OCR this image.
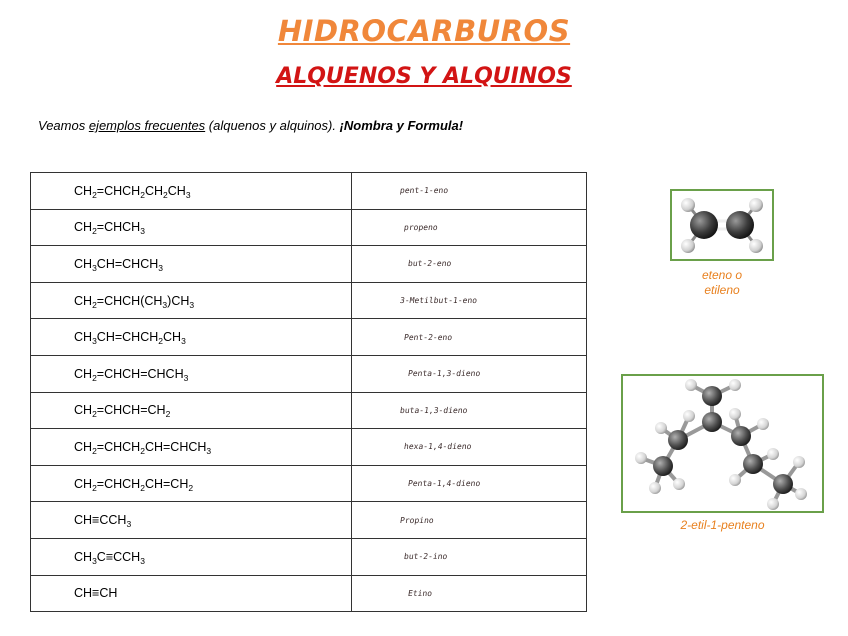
HIDROCARBUROS
ALQUENOS Y ALQUINOS
Veamos ejemplos frecuentes (alquenos y alquinos). ¡Nombra y Formula!
$CH_2=CHCH_2CH_2CH_3$	pent-1-eno
$CH_2=CHCH_3$	propeno
$CH_3CH=CHCH_3$	but-2-eno
$CH_2=CHCH(CH_3)CH_3$	3-Metilbut-1-eno
$CH_3CH=CHCH_2CH_3$	Pent-2-eno
$CH_2=CHCH=CHCH_3$	Penta-1,3-dieno
$CH_2=CHCH=CH_2$	buta-1,3-dieno
$CH_2=CHCH_2CH=CHCH_3$	hexa-1,4-dieno
$CH_2=CHCH_2CH=CH_2$	Penta-1,4-dieno
$CH\equiv CCH_3$	Propino
$CH_3C\equiv CCH_3$	but-2-ino
CH≡CH	Etino
eteno o
etileno
2-etil-1-penteno
